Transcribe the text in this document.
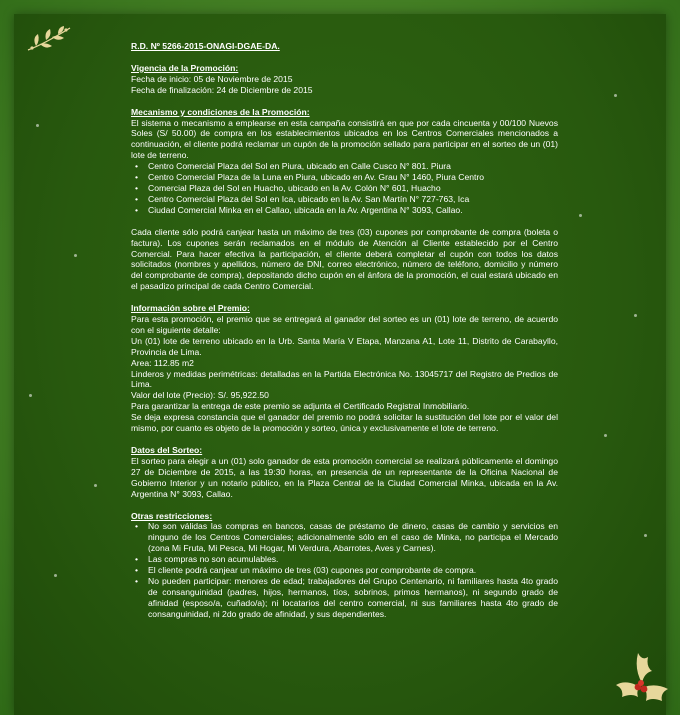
R.D. Nº 5266-2015-ONAGI-DGAE-DA.

Vigencia de la Promoción:

Fecha de inicio: 05 de Noviembre de 2015

Fecha de finalización: 24 de Diciembre de 2015

Mecanismo y condiciones de la Promoción:

El sistema o mecanismo a emplearse en esta campaña consistirá en que por cada cincuenta y 00/100 Nuevos Soles (S/ 50.00) de compra en los establecimientos ubicados en los Centros Comerciales mencionados a continuación, el cliente podrá reclamar un cupón de la promoción sellado para participar en el sorteo de un (01) lote de terreno.

• Centro Comercial Plaza del Sol en Piura, ubicado en Calle Cusco N° 801. Piura
• Centro Comercial Plaza de la Luna en Piura, ubicado en Av. Grau N° 1460, Piura Centro
• Comercial Plaza del Sol en Huacho, ubicado en la Av. Colón N° 601, Huacho
• Centro Comercial Plaza del Sol en Ica, ubicado en la Av. San Martín N° 727-763, Ica
• Ciudad Comercial Minka en el Callao, ubicada en la Av. Argentina N° 3093, Callao.

Cada cliente sólo podrá canjear hasta un máximo de tres (03) cupones por comprobante de compra (boleta o factura). Los cupones serán reclamados en el módulo de Atención al Cliente establecido por el Centro Comercial. Para hacer efectiva la participación, el cliente deberá completar el cupón con todos los datos solicitados (nombres y apellidos, número de DNI, correo electrónico, número de teléfono, domicilio y número del comprobante de compra), depositando dicho cupón en el ánfora de la promoción, el cual estará ubicado en el pasadizo principal de cada Centro Comercial.

Información sobre el Premio:

Para esta promoción, el premio que se entregará al ganador del sorteo es un (01) lote de terreno, de acuerdo con el siguiente detalle:

Un (01) lote de terreno ubicado en la Urb. Santa María V Etapa, Manzana A1, Lote 11, Distrito de Carabayllo, Provincia de Lima.

Area: 112.85 m2

Linderos y medidas perimétricas: detalladas en la Partida Electrónica No. 13045717 del Registro de Predios de Lima.

Valor del lote (Precio): S/. 95,922.50

Para garantizar la entrega de este premio se adjunta el Certificado Registral Inmobiliario.

Se deja expresa constancia que el ganador del premio no podrá solicitar la sustitución del lote por el valor del mismo, por cuanto es objeto de la promoción y sorteo, única y exclusivamente el lote de terreno.

Datos del Sorteo:

El sorteo para elegir a un (01) solo ganador de esta promoción comercial se realizará públicamente el domingo 27 de Diciembre de 2015, a las 19:30 horas, en presencia de un representante de la Oficina Nacional de Gobierno Interior y un notario público, en la Plaza Central de la Ciudad Comercial Minka, ubicada en la Av. Argentina N° 3093, Callao.

Otras restricciones:

• No son válidas las compras en bancos, casas de préstamo de dinero, casas de cambio y servicios en ninguno de los Centros Comerciales; adicionalmente sólo en el caso de Minka, no participa el Mercado (zona Mi Fruta, Mi Pesca, Mi Hogar, Mi Verdura, Abarrotes, Aves y Carnes).
• Las compras no son acumulables.
• El cliente podrá canjear un máximo de tres (03) cupones por comprobante de compra.
• No pueden participar: menores de edad; trabajadores del Grupo Centenario, ni familiares hasta 4to grado de consanguinidad (padres, hijos, hermanos, tíos, sobrinos, primos hermanos), ni segundo grado de afinidad (esposo/a, cuñado/a); ni locatarios del centro comercial, ni sus familiares hasta 4to grado de consanguinidad, ni 2do grado de afinidad, y sus dependientes.
